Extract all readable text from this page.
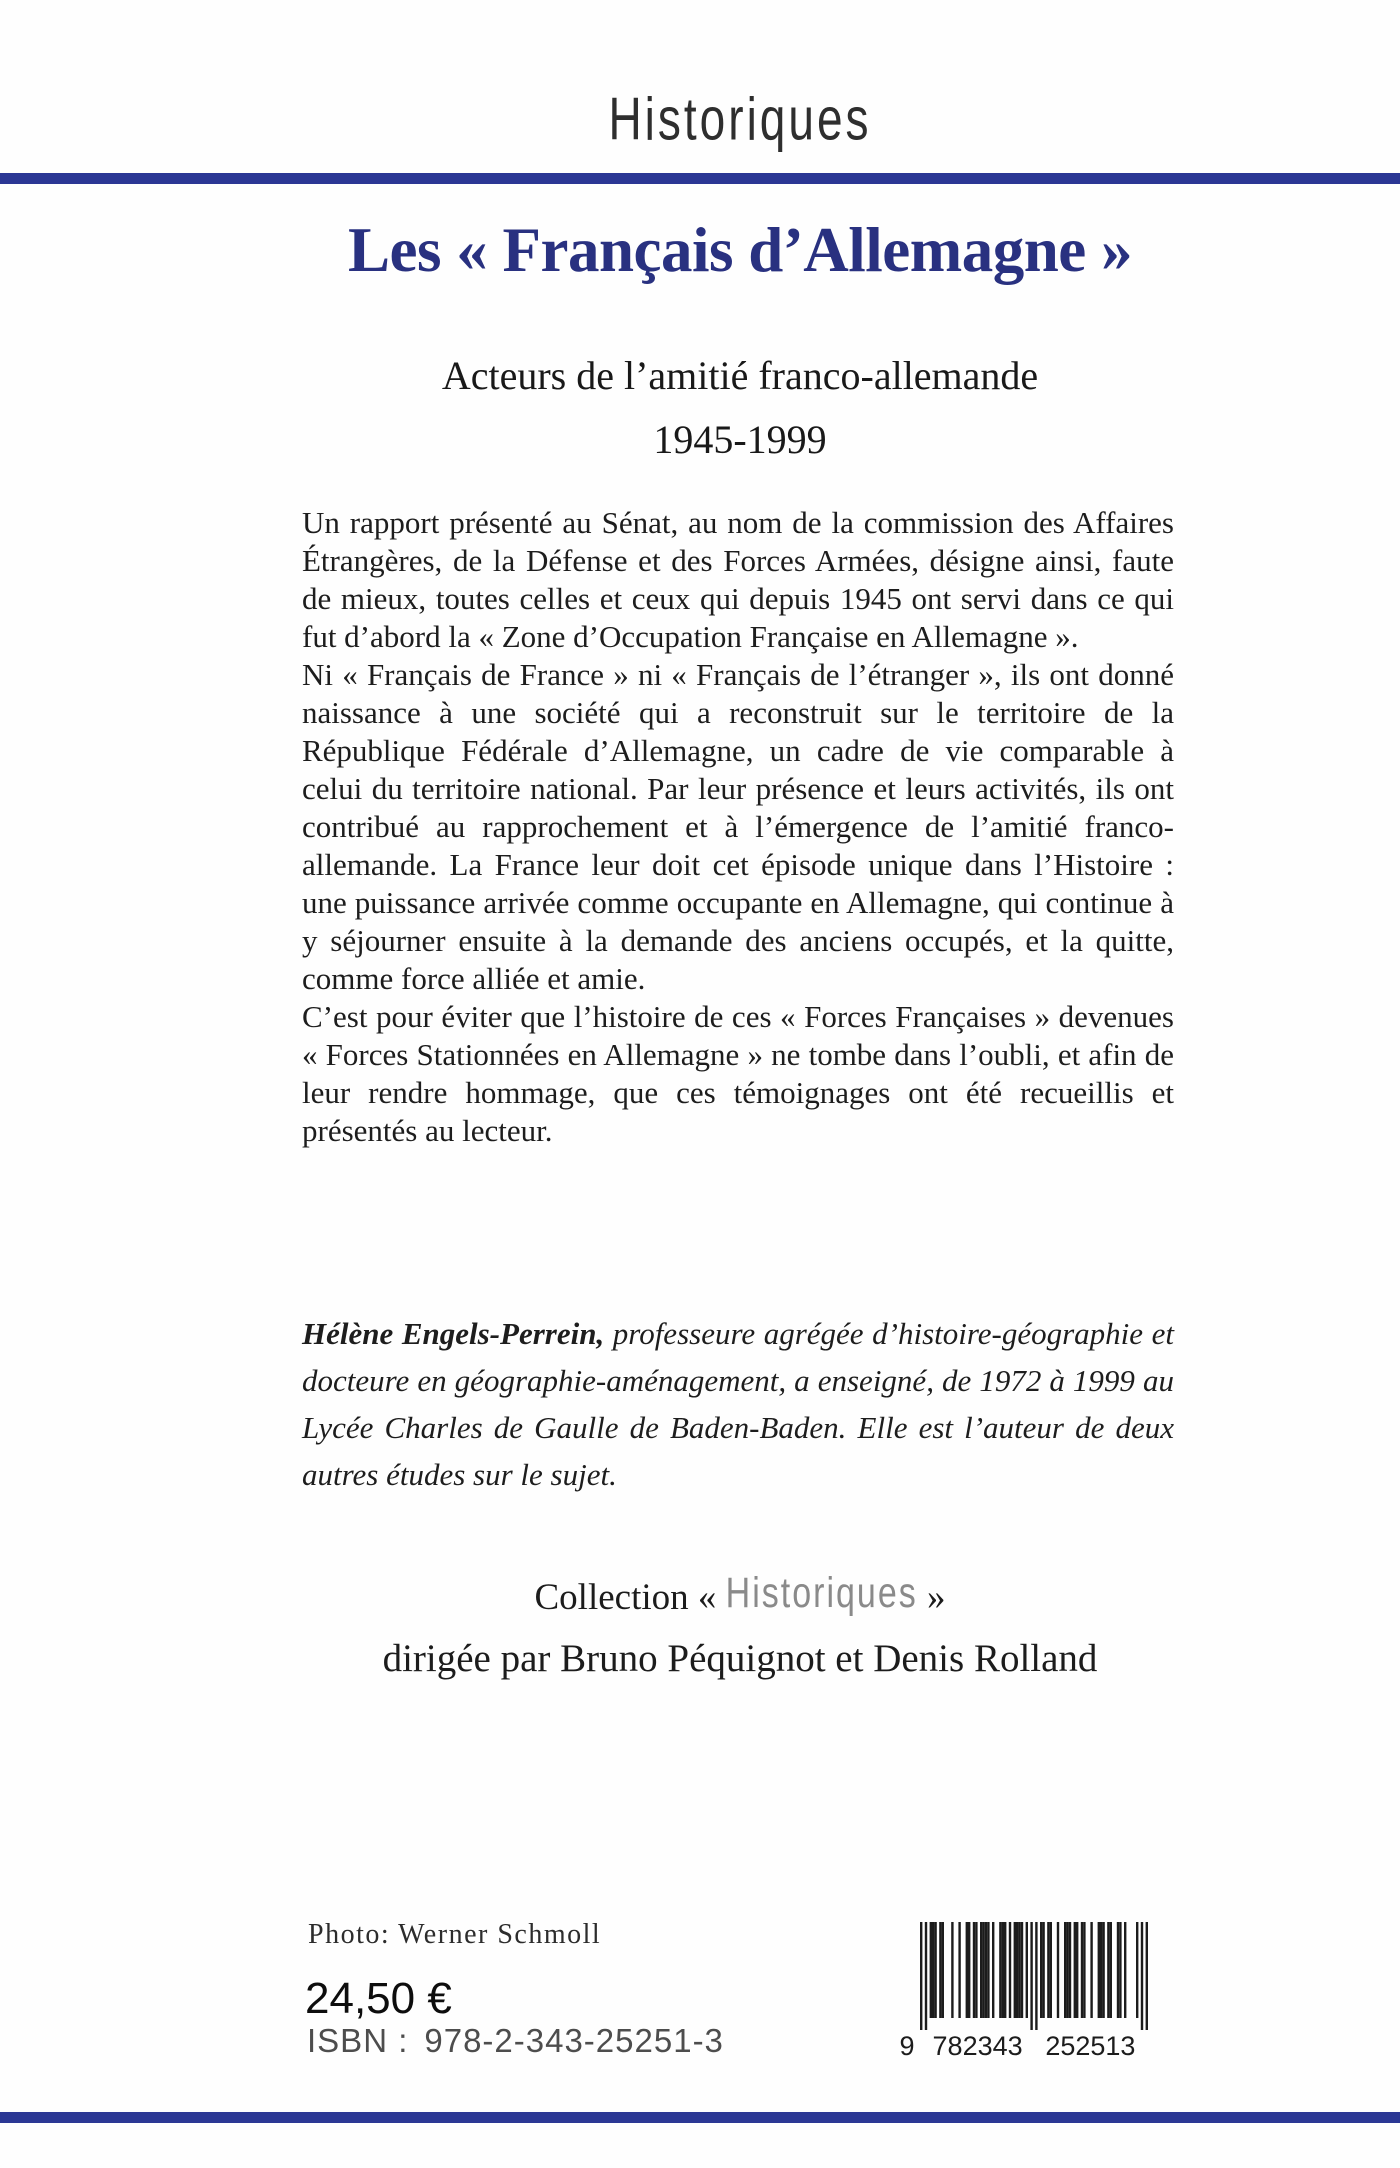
Historiques
Les « Français d’Allemagne »
Acteurs de l’amitié franco-allemande
1945-1999

Un rapport présenté au Sénat, au nom de la commission des Affaires Étrangères, de la Défense et des Forces Armées, désigne ainsi, faute de mieux, toutes celles et ceux qui depuis 1945 ont servi dans ce qui fut d’abord la « Zone d’Occupation Française en Allemagne ».

Ni « Français de France » ni « Français de l’étranger », ils ont donné naissance à une société qui a reconstruit sur le territoire de la République Fédérale d’Allemagne, un cadre de vie comparable à celui du territoire national. Par leur présence et leurs activités, ils ont contribué au rapprochement et à l’émergence de l’amitié franco-allemande. La France leur doit cet épisode unique dans l’Histoire : une puissance arrivée comme occupante en Allemagne, qui continue à y séjourner ensuite à la demande des anciens occupés, et la quitte, comme force alliée et amie.

C’est pour éviter que l’histoire de ces « Forces Françaises » devenues « Forces Stationnées en Allemagne » ne tombe dans l’oubli, et afin de leur rendre hommage, que ces témoignages ont été recueillis et présentés au lecteur.

Hélène Engels-Perrein, professeure agrégée d’histoire-géographie et docteure en géographie-aménagement, a enseigné, de 1972 à 1999 au Lycée Charles de Gaulle de Baden-Baden. Elle est l’auteur de deux autres études sur le sujet.
Collection « Historiques »
dirigée par Bruno Péquignot et Denis Rolland
Photo: Werner Schmoll
24,50 €
ISBN : 978-2-343-25251-3	9 782343 252513
